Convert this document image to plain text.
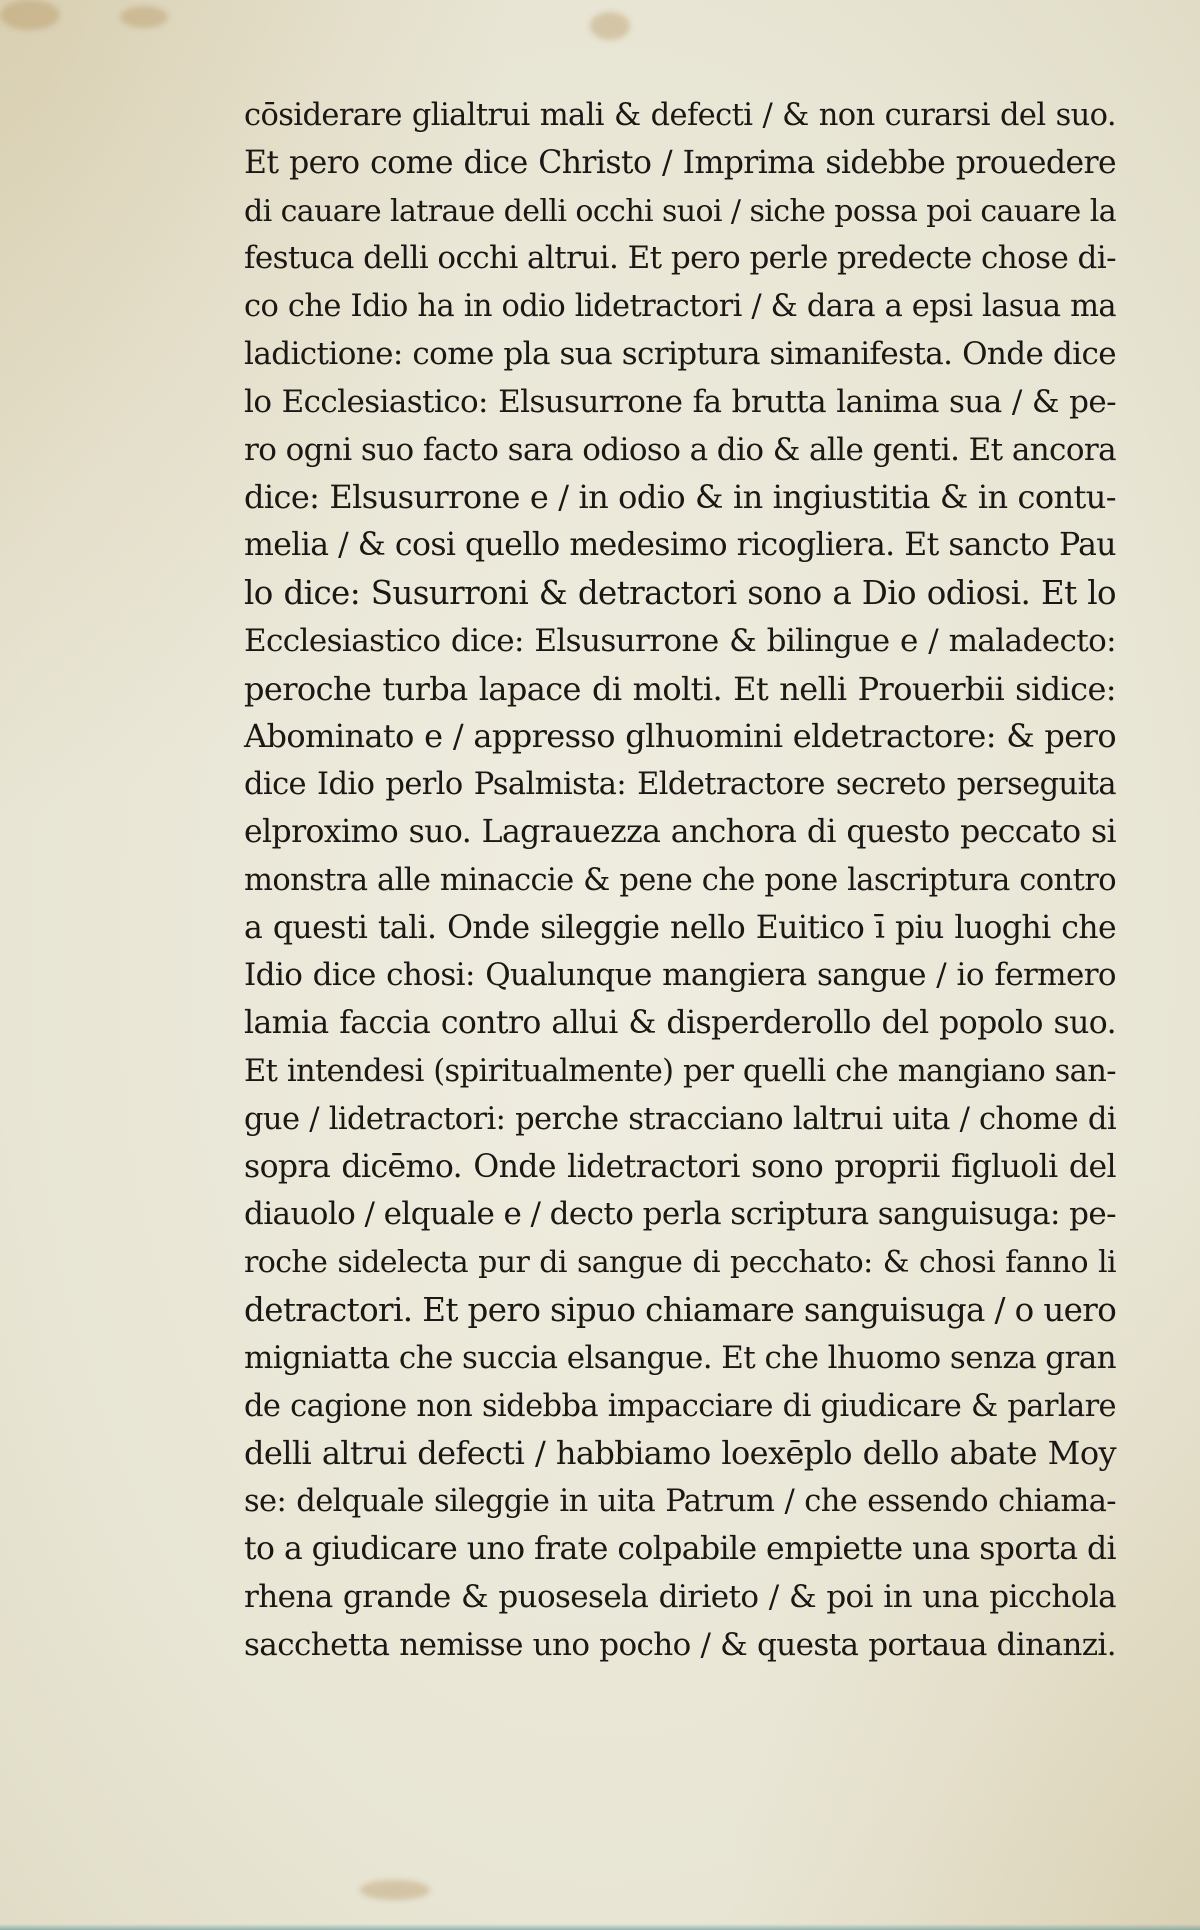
cōsiderare glialtrui mali & defecti / & non curarsi del suo.
Et pero come dice Christo / Imprima sidebbe prouedere
di cauare latraue delli occhi suoi / siche possa poi cauare la
festuca delli occhi altrui. Et pero perle predecte chose di-
co che Idio ha in odio lidetractori / & dara a epsi lasua ma
ladictione: come pla sua scriptura simanifesta. Onde dice
lo Ecclesiastico: Elsusurrone fa brutta lanima sua / & pe-
ro ogni suo facto sara odioso a dio & alle genti. Et ancora
dice: Elsusurrone e / in odio & in ingiustitia & in contu-
melia / & cosi quello medesimo ricogliera. Et sancto Pau
lo dice: Susurroni & detractori sono a Dio odiosi. Et lo
Ecclesiastico dice: Elsusurrone & bilingue e / maladecto:
peroche turba lapace di molti. Et nelli Prouerbii sidice:
Abominato e / appresso glhuomini eldetractore: & pero
dice Idio perlo Psalmista: Eldetractore secreto perseguita
elproximo suo. Lagrauezza anchora di questo peccato si
monstra alle minaccie & pene che pone lascriptura contro
a questi tali. Onde sileggie nello Euitico ī piu luoghi che
Idio dice chosi: Qualunque mangiera sangue / io fermero
lamia faccia contro allui & disperderollo del popolo suo.
Et intendesi (spiritualmente) per quelli che mangiano san-
gue / lidetractori: perche stracciano laltrui uita / chome di
sopra dicēmo. Onde lidetractori sono proprii figluoli del
diauolo / elquale e / decto perla scriptura sanguisuga: pe-
roche sidelecta pur di sangue di pecchato: & chosi fanno li
detractori. Et pero sipuo chiamare sanguisuga / o uero
migniatta che succia elsangue. Et che lhuomo senza gran
de cagione non sidebba impacciare di giudicare & parlare
delli altrui defecti / habbiamo loexēplo dello abate Moy
se: delquale sileggie in uita Patrum / che essendo chiama-
to a giudicare uno frate colpabile empiette una sporta di
rhena grande & puosesela dirieto / & poi in una picchola
sacchetta nemisse uno pocho / & questa portaua dinanzi.
